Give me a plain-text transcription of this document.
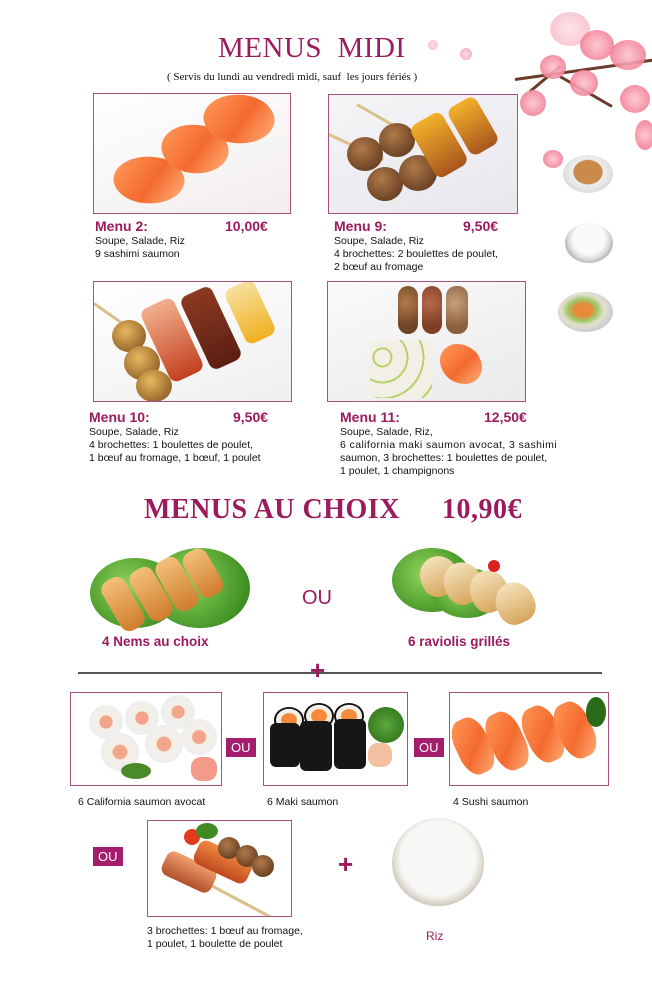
MENUS  MIDI
( Servis du lundi au vendredi midi, sauf  les jours fériés )
Menu 2:	10,00€
Soupe, Salade, Riz
9 sashimi saumon
Menu 9:	9,50€
Soupe, Salade, Riz
4 brochettes: 2 boulettes de poulet,
2 bœuf au fromage
Menu 10:	9,50€
Soupe, Salade, Riz
4 brochettes: 1 boulettes de poulet,
1 bœuf au fromage, 1 bœuf, 1 poulet
Menu 11:	12,50€
Soupe, Salade, Riz,
6 california maki saumon avocat, 3 sashimi
saumon, 3 brochettes: 1 boulettes de poulet,
1 poulet, 1 champignons
MENUS AU CHOIX 10,90€
OU
4 Nems au choix	6 raviolis grillés
+
OU	OU
6 California saumon avocat	6 Maki saumon	4 Sushi saumon
OU	+
3 brochettes: 1 bœuf au fromage,
1 poulet, 1 boulette de poulet
Riz
